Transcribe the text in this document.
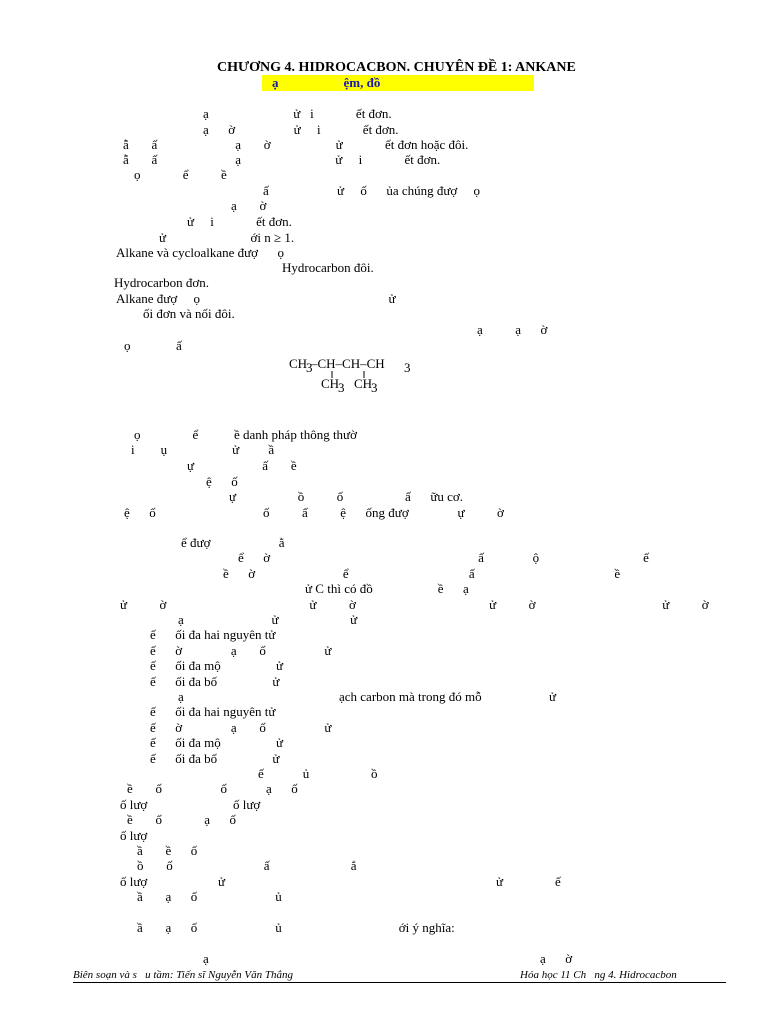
CHƯƠNG 4. HIDROCACBON. CHUYÊN ĐỀ 1: ANKANE
ạ                    ệm, đồ
ạ                          ử   i             ết đơn.
ạ      ờ                  ử     i             ết đơn.
ẫ       ấ                        ạ       ờ                    ử             ết đơn hoặc đôi.
ẫ       ấ                        ạ                             ử     i             ết đơn.
ọ             ể          ề
ấ                     ử     ố      ủa chúng đượ     ọ
ạ       ờ
ử     i             ết đơn.
ử                          ới n ≥ 1.
Alkane và cycloalkane đượ      ọ
Hydrocarbon đôi.
Hydrocarbon đơn.
Alkane đượ     ọ                                                          ử
ối đơn và nối đôi.
ạ          ạ      ờ
ọ              ấ
CH
3
–CH–CH–CH 3
CH
3 CH
3
ọ                ể           ề danh pháp thông thườ
i        ụ                    ử         ầ
ự                     ấ       ề
ệ      ố
ự                   ồ          ố                   ấ      ữu cơ.
ệ      ố                                 ố          ấ          ệ      ống đượ               ự          ờ
ể đượ                     ằ
ể      ờ                                                                ấ               ộ                                ế
ề      ờ                           ể                                     ấ                                           ề
ử C thì có đồ                    ề      ạ
ử          ờ                                            ử          ờ                                         ử          ờ                                       ử          ờ
ạ                           ử                      ử
ế      ối đa hai nguyên tử
ế      ờ               ạ       ố                  ử
ế      ối đa mộ                 ử
ế      ối đa bố                 ử
ạ	ạch carbon mà trong đó mỗ	ử
ế      ối đa hai nguyên tử
ế      ờ               ạ       ố                  ử
ế      ối đa mộ                 ử
ế      ối đa bố                 ử
ế            ủ                   ồ
ề       ố                  ố            ạ      ố
ố lượ	ố lượ
ề       ố             ạ      ố
ố lượ
ầ       ề      ố
ồ       ố                            ấ                         ắ
ố lượ	ử	ử                ế
ầ       ạ      ố                        ủ
ầ       ạ      ố                        ủ                                    ới ý nghĩa:
ạ	ạ      ờ
Biên soạn và s   u tầm: Tiến sĩ Nguyễn Văn Thắng	Hóa học 11 Ch   ng 4. Hidrocacbon
